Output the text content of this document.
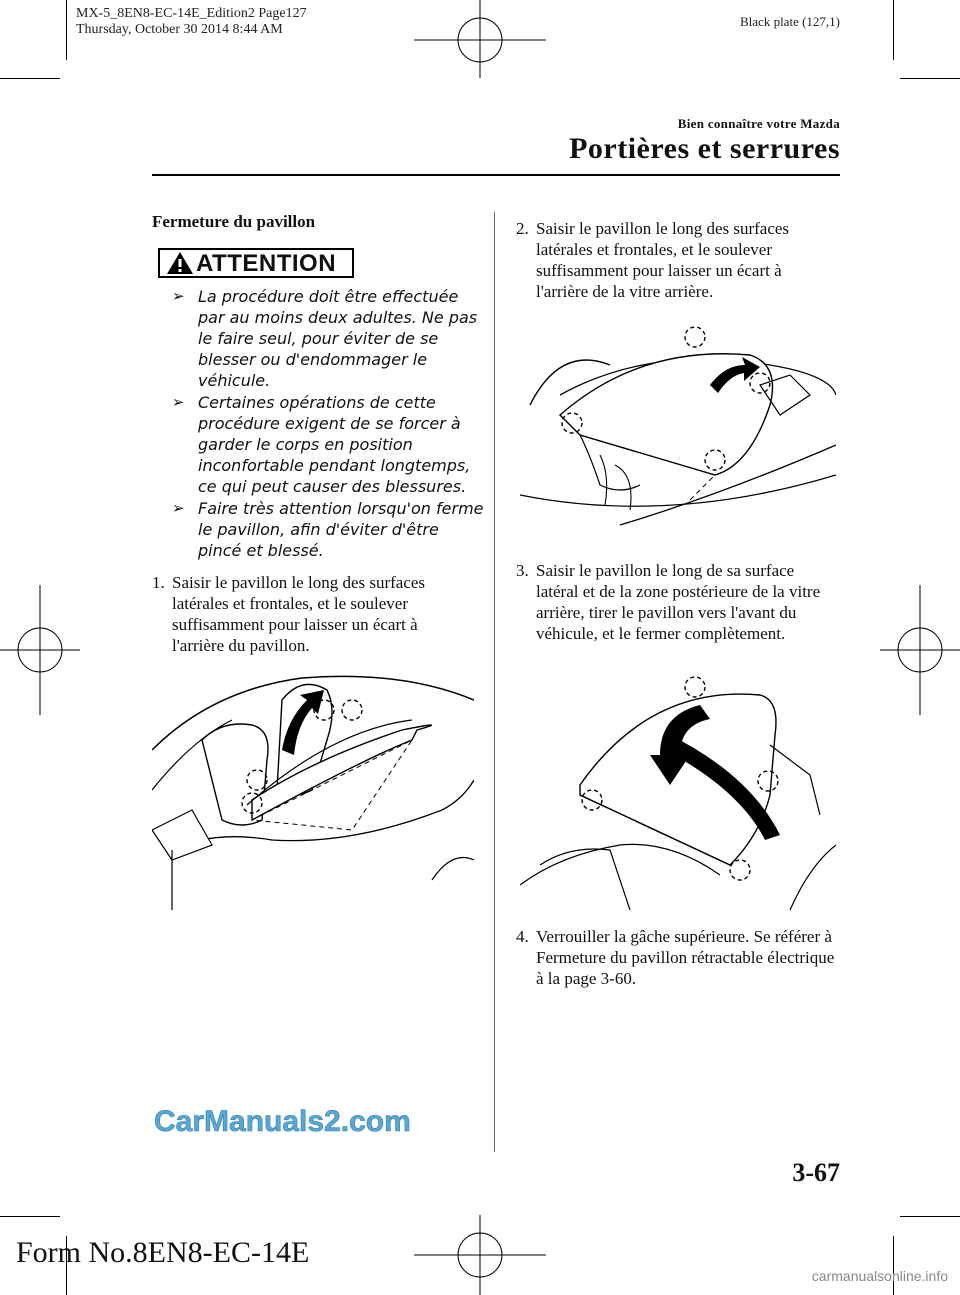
MX-5_8EN8-EC-14E_Edition2 Page127
Thursday, October 30 2014 8:44 AM
Black plate (127,1)
Bien connaître votre Mazda
Portières et serrures
Fermeture du pavillon
ATTENTION
➢ La procédure doit être effectuée par au moins deux adultes. Ne pas le faire seul, pour éviter de se blesser ou d'endommager le véhicule.
➢ Certaines opérations de cette procédure exigent de se forcer à garder le corps en position inconfortable pendant longtemps, ce qui peut causer des blessures.
➢ Faire très attention lorsqu'on ferme le pavillon, afin d'éviter d'être pincé et blessé.
1. Saisir le pavillon le long des surfaces latérales et frontales, et le soulever suffisamment pour laisser un écart à l'arrière du pavillon.
2. Saisir le pavillon le long des surfaces latérales et frontales, et le soulever suffisamment pour laisser un écart à l'arrière de la vitre arrière.
3. Saisir le pavillon le long de sa surface latéral et de la zone postérieure de la vitre arrière, tirer le pavillon vers l'avant du véhicule, et le fermer complètement.
4. Verrouiller la gâche supérieure. Se référer à Fermeture du pavillon rétractable électrique à la page 3-60.
CarManuals2.com
3-67
Form No.8EN8-EC-14E
carmanualsonline.info
